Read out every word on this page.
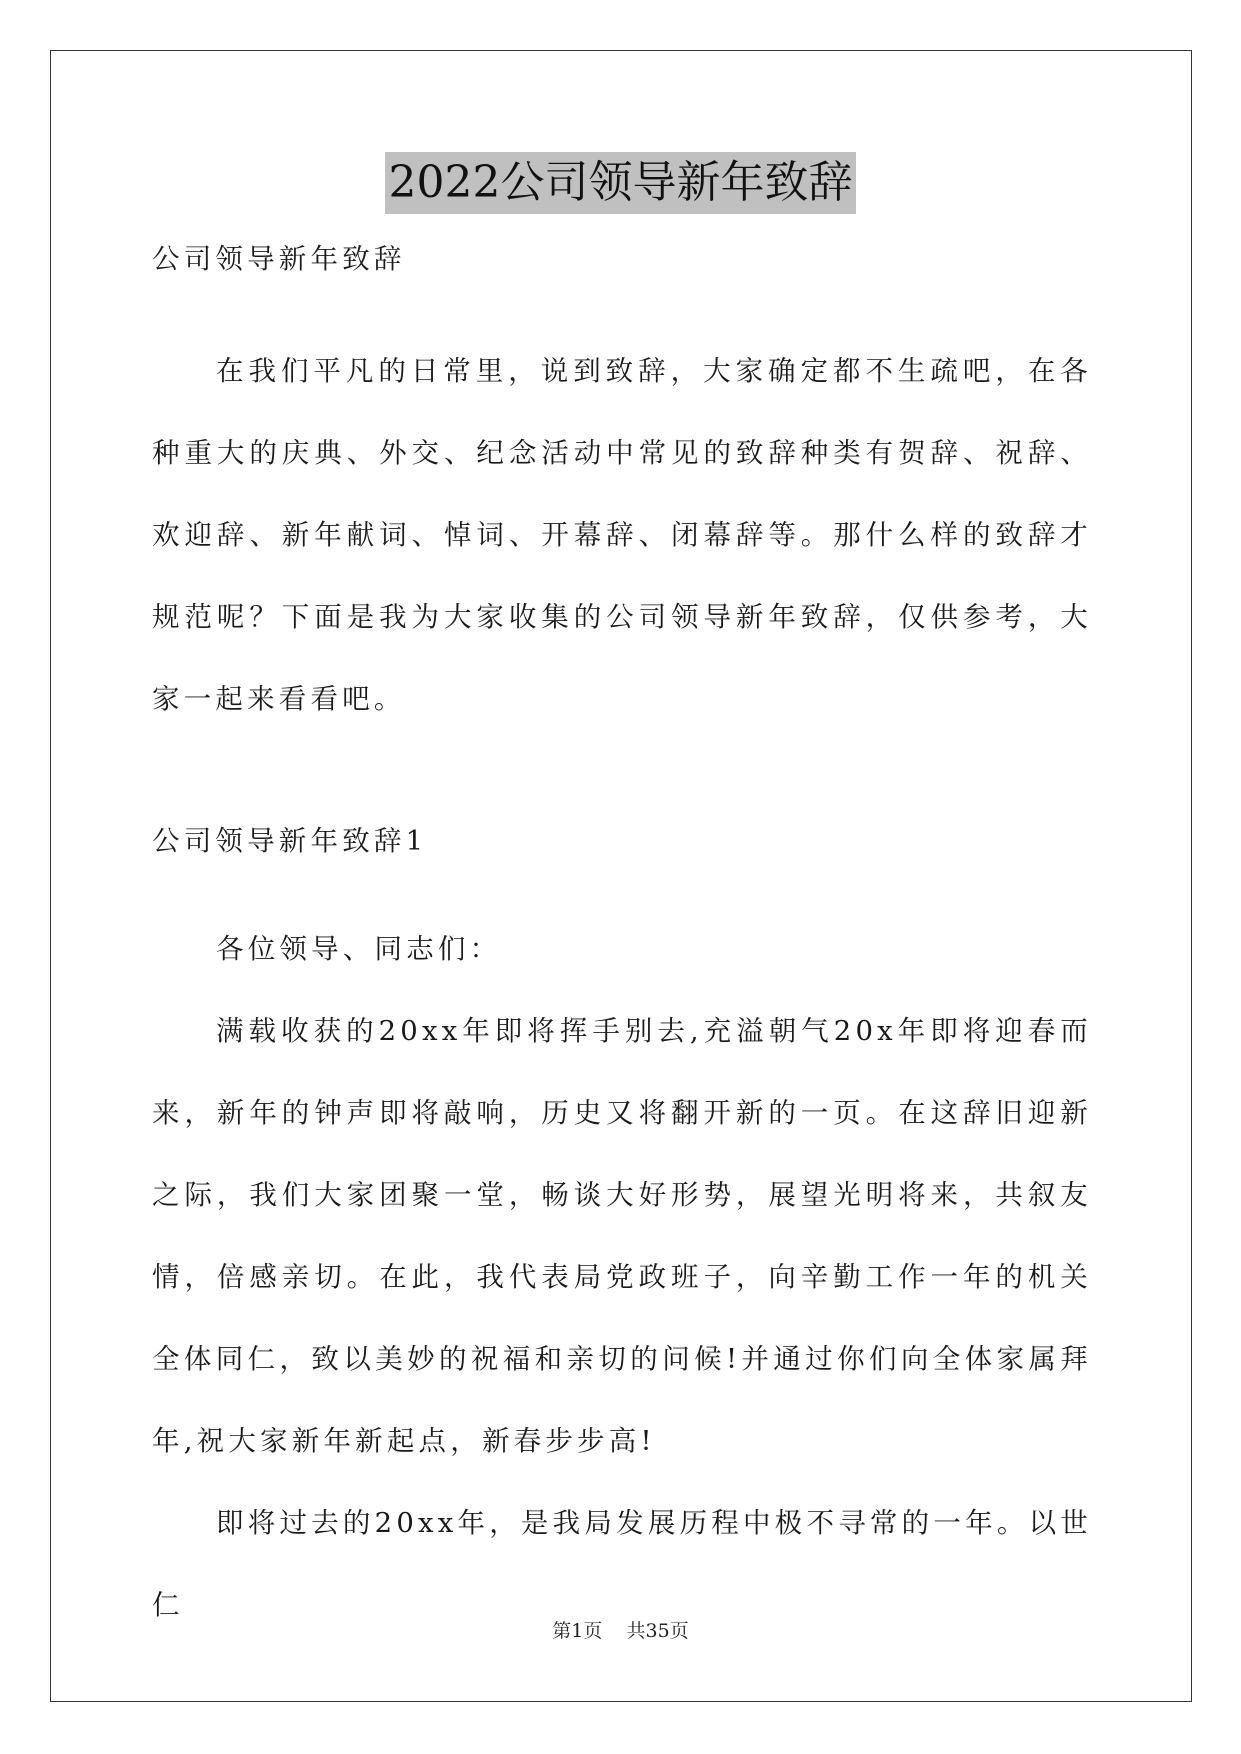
2022公司领导新年致辞

公司领导新年致辞

在我们平凡的日常里，说到致辞，大家确定都不生疏吧，在各种重大的庆典、外交、纪念活动中常见的致辞种类有贺辞、祝辞、欢迎辞、新年献词、悼词、开幕辞、闭幕辞等。那什么样的致辞才规范呢？下面是我为大家收集的公司领导新年致辞，仅供参考，大家一起来看看吧。

公司领导新年致辞1

各位领导、同志们：

满载收获的20xx年即将挥手别去,充溢朝气20x年即将迎春而来，新年的钟声即将敲响，历史又将翻开新的一页。在这辞旧迎新之际，我们大家团聚一堂，畅谈大好形势，展望光明将来，共叙友情，倍感亲切。在此，我代表局党政班子，向辛勤工作一年的机关全体同仁，致以美妙的祝福和亲切的问候!并通过你们向全体家属拜年,祝大家新年新起点，新春步步高!

即将过去的20xx年，是我局发展历程中极不寻常的一年。以世仁

第1页 共35页
